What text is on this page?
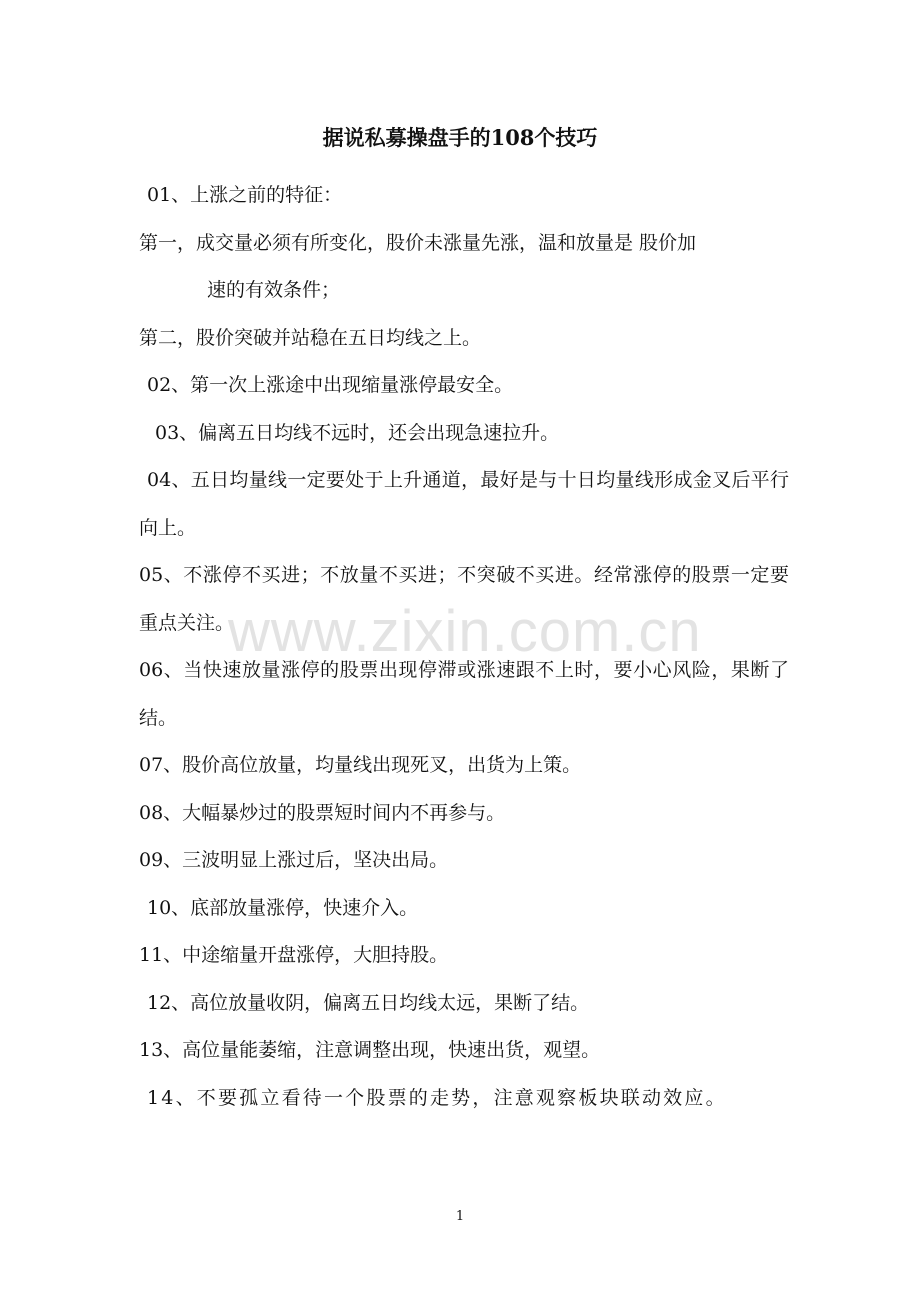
据说私募操盘手的108个技巧
01、上涨之前的特征：
第一，成交量必须有所变化，股价未涨量先涨，温和放量是 股价加
速的有效条件；
第二，股价突破并站稳在五日均线之上。
02、第一次上涨途中出现缩量涨停最安全。
03、偏离五日均线不远时，还会出现急速拉升。
04、五日均量线一定要处于上升通道，最好是与十日均量线形成金叉后平行向上。
05、不涨停不买进；不放量不买进；不突破不买进。经常涨停的股票一定要重点关注。
06、当快速放量涨停的股票出现停滞或涨速跟不上时，要小心风险，果断了结。
07、股价高位放量，均量线出现死叉，出货为上策。
08、大幅暴炒过的股票短时间内不再参与。
09、三波明显上涨过后，坚决出局。
10、底部放量涨停，快速介入。
11、中途缩量开盘涨停，大胆持股。
12、高位放量收阴，偏离五日均线太远，果断了结。
13、高位量能萎缩，注意调整出现，快速出货，观望。
14、不要孤立看待一个股票的走势，注意观察板块联动效应。
www.zixin.com.cn
1
